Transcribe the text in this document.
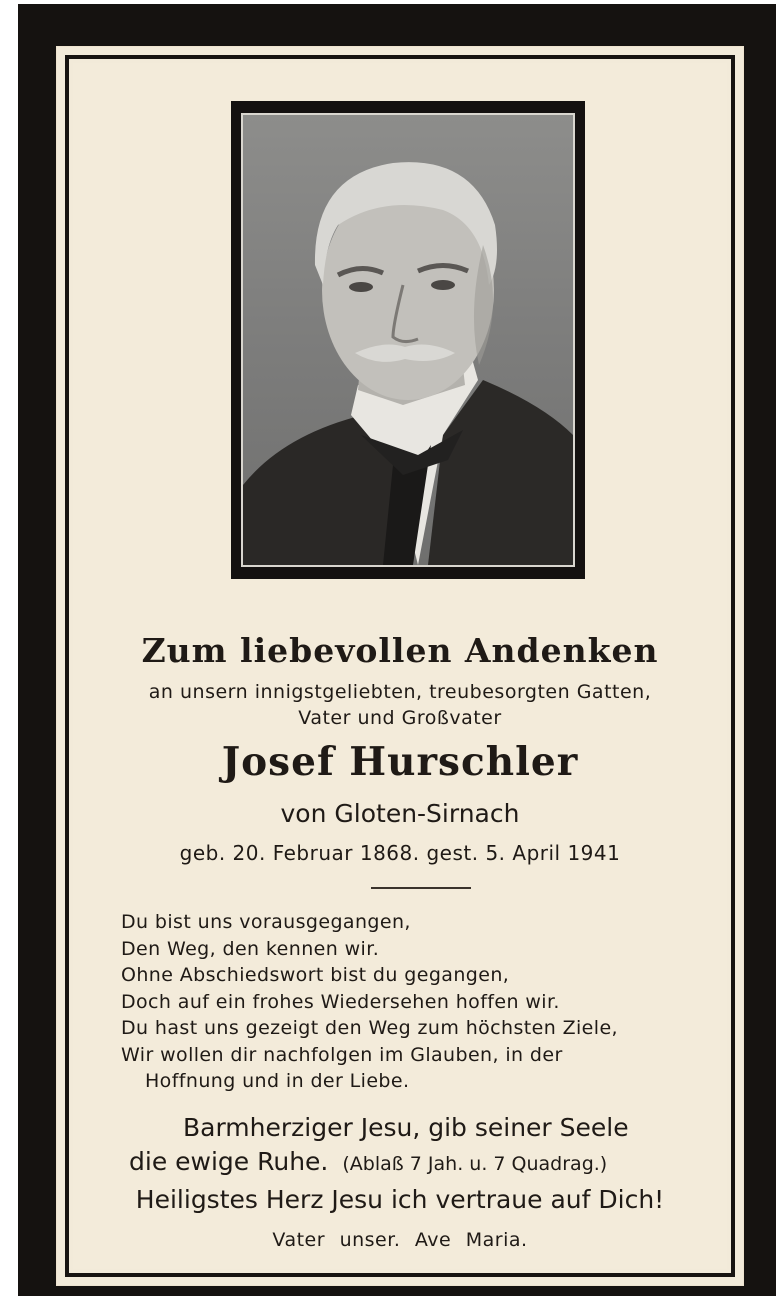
Zum liebevollen Andenken
an unsern innigstgeliebten, treubesorgten Gatten,
Vater und Großvater
Josef Hurschler
von Gloten-Sirnach
geb. 20. Februar 1868. gest. 5. April 1941
Du bist uns vorausgegangen,
Den Weg, den kennen wir.
Ohne Abschiedswort bist du gegangen,
Doch auf ein frohes Wiedersehen hoffen wir.
Du hast uns gezeigt den Weg zum höchsten Ziele,
Wir wollen dir nachfolgen im Glauben, in der
Hoffnung und in der Liebe.
Barmherziger Jesu, gib seiner Seele
die ewige Ruhe. (Ablaß 7 Jah. u. 7 Quadrag.)
Heiligstes Herz Jesu ich vertraue auf Dich!
Vater unser. Ave Maria.
